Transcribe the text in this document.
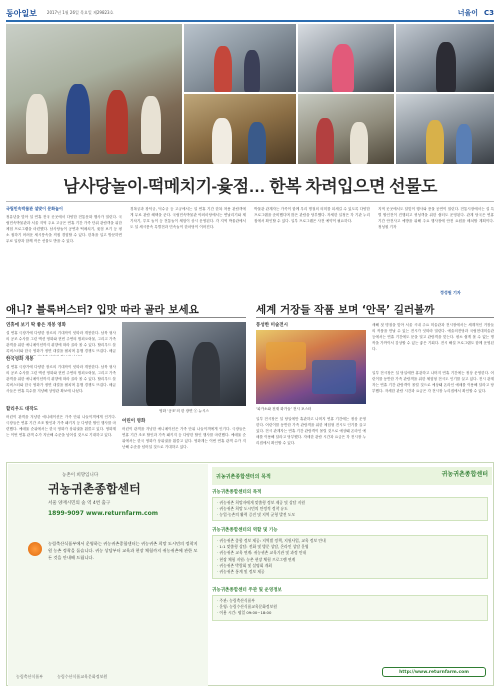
동아일보	2017년 1월 26일 목요일 제29823호	너울이 C3
남사당놀이-떡메치기-윷점… 한복 차려입으면 선물도
국립민속박물관 설맞이 문화놀이
정유년을 맞아 설 연휴 전국 곳곳에서 다양한 전통문화 행사가 열린다. 국립민속박물관과 서울 지역 주요 고궁은 연휴 기간 가족 단위 관람객을 위한 체험 프로그램을 마련했다. 남사당놀이 공연과 떡메치기, 윷점 보기 등 평소 접하기 어려운 세시풍속을 직접 경험할 수 있다. 한복을 입고 방문하면 무료 입장과 함께 작은 선물도 받을 수 있다.
경복궁과 창덕궁, 덕수궁 등 고궁에서는 설 연휴 기간 한복 착용 관람객에게 무료 관람 혜택을 준다. 국립민속박물관 야외마당에서는 연날리기와 제기차기, 투호 놀이 등 전통놀이 체험이 상시 운영된다. 각 지역 박물관에서도 설 세시풍속 특별전과 민속놀이 한마당이 이어진다.
박물관 관계자는 가족이 함께 우리 명절의 의미를 되새길 수 있도록 다양한 프로그램을 준비했다며 많은 관람을 당부했다. 자세한 일정은 각 기관 누리집에서 확인할 수 있다. 일부 프로그램은 사전 예약이 필요하다.
지역 곳곳에서도 달맞이 행사와 풍물 공연이 열린다. 전통시장에서는 설 특별 할인전이 진행되고 귀성객을 위한 쉼터도 운영된다. 관계 당국은 연휴 기간 안전사고 예방을 위해 주요 행사장에 안전 요원을 배치할 계획이다. 정성원 기자
정성원 기자
애니? 블록버스터? 입맛 따라 골라 보세요
연휴에 보기 딱 좋은 개봉 영화
한국영화 개봉
설 연휴 극장가에 다양한 장르의 기대작이 잇따라 개봉한다. 남북 형사의 공조 수사를 그린 액션 영화와 현빈 주연의 범죄오락물, 그리고 가족 관객을 위한 애니메이션까지 취향에 따라 골라 볼 수 있다. 할리우드 블록버스터와 한국 영화가 정면 대결을 펼치며 흥행 경쟁도 뜨겁다. 배급
설 연휴 극장가에 다양한 장르의 기대작이 잇따라 개봉한다. 남북 형사의 공조 수사를 그린 액션 영화와 현빈 주연의 범죄오락물, 그리고 가족 관객을 위한 애니메이션까지 취향에 따라 골라 볼 수 있다. 할리우드 블록버스터와 한국 영화가 정면 대결을 펼치며 흥행 경쟁도 뜨겁다. 배급사들은 연휴 특수를 겨냥해 상영관 확보에 나섰다.
할리우드 대작도
어린이 관객을 겨냥한 애니메이션은 가족 단위 나들이객에게 인기다. 극장들은 연휴 기간 조조 할인과 가족 패키지 등 다양한 할인 행사를 마련했다. 예매율 순위에서는 한국 영화가 상위권을 휩쓸고 있다. 영화계는 이번 연휴 관객 수가 지난해 수준을 넘어설 것으로 기대하고 있다.
영화 ‘공조’의 한 장면 ⓒ 뉴시스
어린이 영화
어린이 관객을 겨냥한 애니메이션은 가족 단위 나들이객에게 인기다. 극장들은 연휴 기간 조조 할인과 가족 패키지 등 다양한 할인 행사를 마련했다. 예매율 순위에서는 한국 영화가 상위권을 휩쓸고 있다. 영화계는 이번 연휴 관객 수가 지난해 수준을 넘어설 것으로 기대하고 있다.
세계 거장들 작품 보며 ‘안목’ 길러볼까
풍성한 미술전시
‘피카소와 천재 화가들’ 전시 포스터
일부 전시장은 설 당일에만 휴관하고 나머지 연휴 기간에는 정상 운영한다. 어린이를 동반한 가족 관람객을 위한 체험형 전시도 인기를 끌고 있다. 전시 관계자는 연휴 기간 관람객이 몰릴 것으로 예상돼 온라인 예매를 이용해 달라고 당부했다. 자세한 관람 시간과 요금은 각 전시장 누리집에서 확인할 수 있다.
새해 첫 명절을 맞아 서울 시내 주요 미술관과 전시장에서는 세계적인 거장들의 작품을 만날 수 있는 전시가 잇따라 열린다. 예술의전당과 국립현대미술관 등에서는 연휴 기간에도 문을 열고 관람객을 맞는다. 평소 쉽게 볼 수 없는 명작을 가까이서 감상할 수 있는 좋은 기회다. 전시 해설 프로그램도 함께 운영된다.
일부 전시장은 설 당일에만 휴관하고 나머지 연휴 기간에는 정상 운영한다. 어린이를 동반한 가족 관람객을 위한 체험형 전시도 인기를 끌고 있다. 전시 관계자는 연휴 기간 관람객이 몰릴 것으로 예상돼 온라인 예매를 이용해 달라고 당부했다. 자세한 관람 시간과 요금은 각 전시장 누리집에서 확인할 수 있다.
농촌이 희망입니다
귀농귀촌종합센터
서울 양재시민의 숲 역 4번 출구
1899-9097 www.returnfarm.com
농림축산식품부에서 운영하는 귀농귀촌종합센터는 귀농귀촌 희망 도시민의 정착지원 농촌 정착을 돕습니다. 귀농 상담부터 교육과 현장 체험까지 귀농귀촌에 관한 모든 것을 안내해 드립니다.
농림축산식품부	농림수산식품교육문화정보원
귀농귀촌종합센터의 목적	귀농귀촌종합센터
귀농귀촌종합센터의 목적
· 귀농귀촌 희망자에게 맞춤형 정보 제공 및 상담 지원
· 귀농귀촌 희망 도시민의 안정적 정착 유도
· 농업·농촌의 활력 증진 및 지역 균형 발전 도모
귀농귀촌종합센터의 역할 및 기능
· 귀농귀촌 종합 정보 제공: 지역별 정책, 지원사업, 교육 정보 안내
· 1:1 맞춤형 상담: 전화 및 방문 상담, 온라인 상담 운영
· 귀농귀촌 교육 연계: 귀농귀촌 교육기관 및 과정 안내
· 현장 체험 지원: 농촌 현장 체험 프로그램 연계
· 귀농귀촌 박람회 및 설명회 개최
· 귀농귀촌 통계 및 정보 제공
귀농귀촌종합센터 주관 및 운영정보
· 주관: 농림축산식품부
· 운영: 농림수산식품교육문화정보원
· 이용 시간: 평일 09:00~18:00
http://www.returnfarm.com
